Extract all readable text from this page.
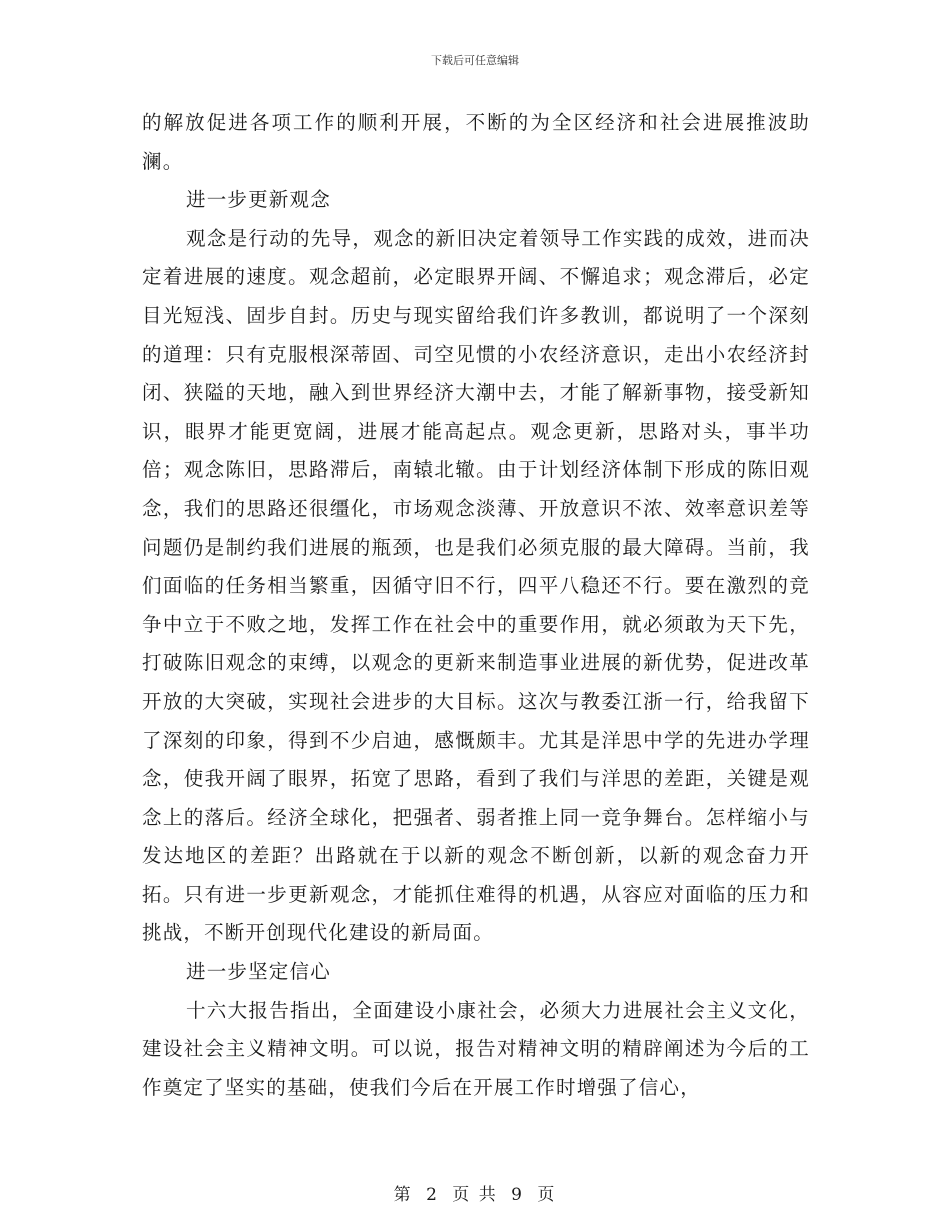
下载后可任意编辑

的解放促进各项工作的顺利开展，不断的为全区经济和社会进展推波助澜。

进一步更新观念

观念是行动的先导，观念的新旧决定着领导工作实践的成效，进而决定着进展的速度。观念超前，必定眼界开阔、不懈追求；观念滞后，必定目光短浅、固步自封。历史与现实留给我们许多教训，都说明了一个深刻的道理：只有克服根深蒂固、司空见惯的小农经济意识，走出小农经济封闭、狭隘的天地，融入到世界经济大潮中去，才能了解新事物，接受新知识，眼界才能更宽阔，进展才能高起点。观念更新，思路对头，事半功倍；观念陈旧，思路滞后，南辕北辙。由于计划经济体制下形成的陈旧观念，我们的思路还很缰化，市场观念淡薄、开放意识不浓、效率意识差等问题仍是制约我们进展的瓶颈，也是我们必须克服的最大障碍。当前，我们面临的任务相当繁重，因循守旧不行，四平八稳还不行。要在激烈的竞争中立于不败之地，发挥工作在社会中的重要作用，就必须敢为天下先，打破陈旧观念的束缚，以观念的更新来制造事业进展的新优势，促进改革开放的大突破，实现社会进步的大目标。这次与教委江浙一行，给我留下了深刻的印象，得到不少启迪，感慨颇丰。尤其是洋思中学的先进办学理念，使我开阔了眼界，拓宽了思路，看到了我们与洋思的差距，关键是观念上的落后。经济全球化，把强者、弱者推上同一竞争舞台。怎样缩小与发达地区的差距？出路就在于以新的观念不断创新，以新的观念奋力开拓。只有进一步更新观念，才能抓住难得的机遇，从容应对面临的压力和挑战，不断开创现代化建设的新局面。

进一步坚定信心

十六大报告指出，全面建设小康社会，必须大力进展社会主义文化，建设社会主义精神文明。可以说，报告对精神文明的精辟阐述为今后的工作奠定了坚实的基础，使我们今后在开展工作时增强了信心，

第 2 页 共 9 页
